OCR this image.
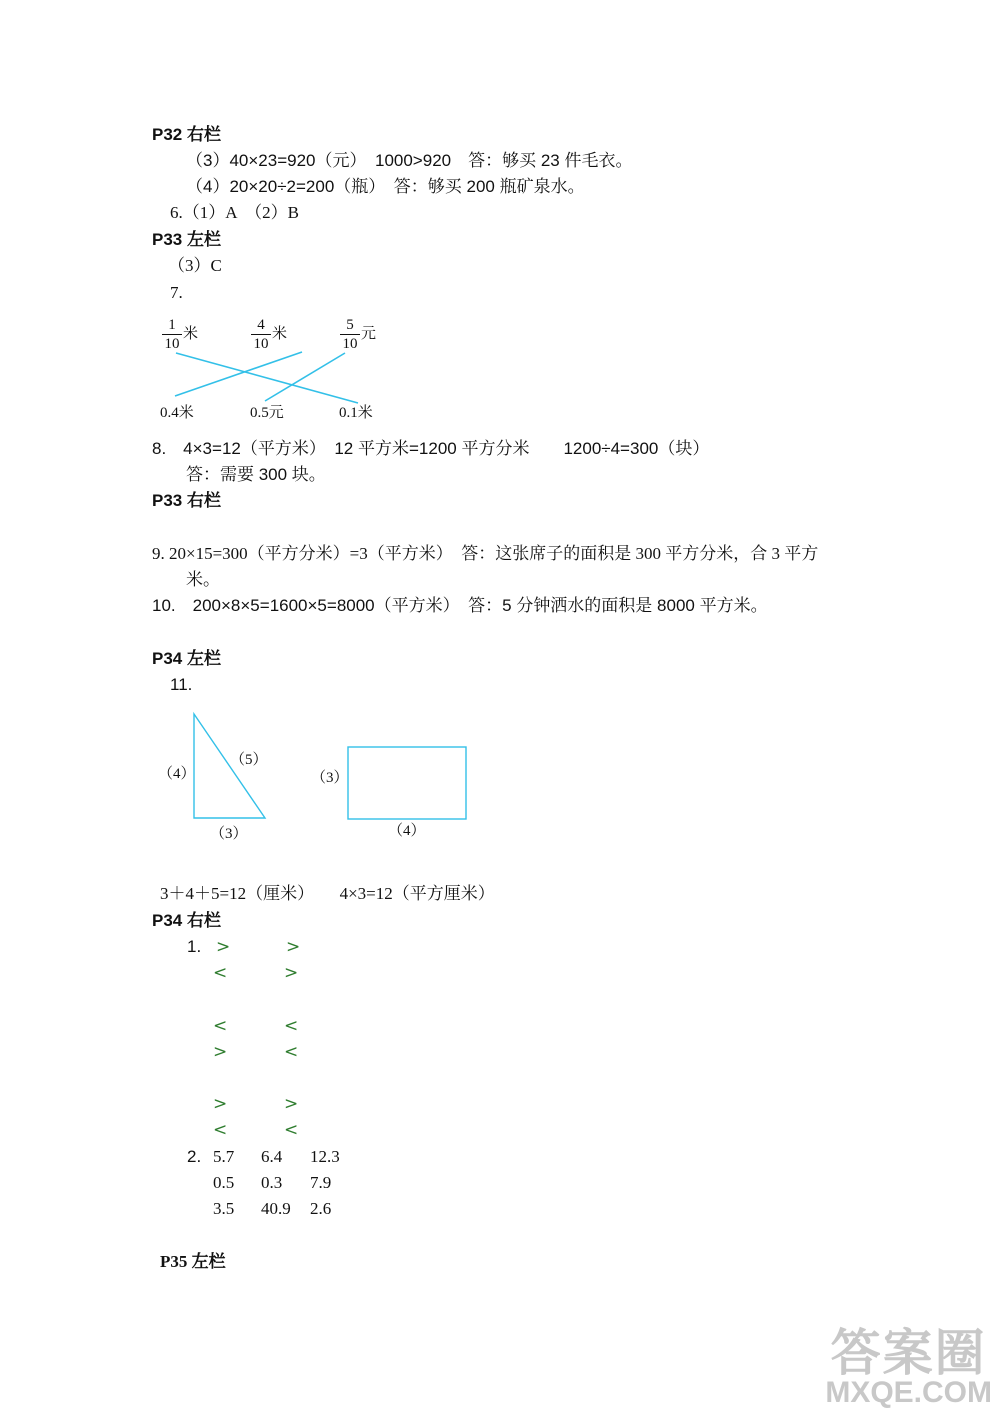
P32 右栏
（3）40×23=920（元）　1000>920　答：够买 23 件毛衣。
（4）20×20÷2=200（瓶）　答：够买 200 瓶矿泉水。
6.（1）A　（2）B
P33 左栏
（3）C
7.
1
10
米
4
10
米
5
10
元
0.4米	0.5元	0.1米
8.　4×3=12（平方米）　12 平方米=1200 平方分米　　1200÷4=300（块）
答：需要 300 块。
P33 右栏
9. 20×15=300（平方分米）=3（平方米）　答：这张席子的面积是 300 平方分米，合 3 平方
米。
10.　200×8×5=1600×5=8000（平方米）　答：5 分钟洒水的面积是 8000 平方米。
P34 左栏
11.
（4）
（5）
（3）
（3）
（4）
3＋4＋5=12（厘米）　　4×3=12（平方厘米）
P34 右栏
1. >	>
<	>
<	<
>	<
>	>
<	<
2. 5.7 6.4 12.3
0.5 0.3 7.9
3.5 40.9 2.6
P35 左栏
答案圈
MXQE.COM
